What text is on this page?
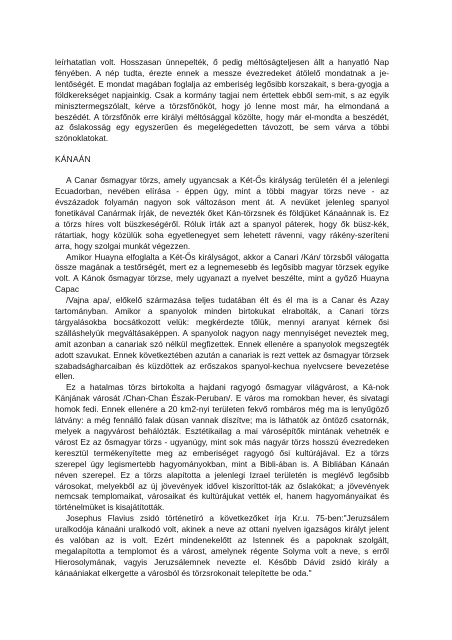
leírhatatlan volt. Hosszasan ünnepelték, ő pedig méltóságteljesen állt a hanyatló Nap fényében. A nép tudta, érezte ennek a messze évezredeket átölelő mondatnak a je-lentőségét. E mondat magában foglalja az emberiség legősibb korszakait, s bera-gyogja a földkerekséget napjainkig. Csak a kormány tagjai nem értettek ebből sem-mit, s az egyik minisztermegszólalt, kérve a törzsfőnököt, hogy jó lenne most már, ha elmondaná a beszédét. A törzsfőnök erre királyi méltósággal közölte, hogy már el-mondta a beszédét, az őslakosság egy egyszerűen és megelégedetten távozott, be sem várva a többi szónoklatokat.

KÁNAÁN

A Canar ősmagyar törzs, amely ugyancsak a Két-Ős királyság területén él a jelenlegi Ecuadorban, nevében elírása - éppen úgy, mint a többi magyar törzs neve - az évszázadok folyamán nagyon sok változáson ment át. A nevüket jelenleg spanyol fonetikával Canármak írják, de nevezték őket Kán-törzsnek és földjüket Kánaánnak is. Ez a törzs híres volt büszkeségéről. Róluk írták azt a spanyol páterek, hogy ők büsz-kék, rátartiak, hogy közülük soha egyetlenegyet sem lehetett rávenni, vagy rákény-szeríteni arra, hogy szolgai munkát végezzen.

Amikor Huayna elfoglalta a Két-Ős királyságot, akkor a Canari /Kán/ törzsből válogatta össze magának a testőrségét, mert ez a legnemesebb és legősibb magyar törzsek egyike volt. A Kánok ősmagyar törzse, mely ugyanazt a nyelvet beszélte, mint a győző Huayna Capac

/Vajna apa/, előkelő származása teljes tudatában élt és él ma is a Canar és Azay tartományban. Amikor a spanyolok minden birtokukat elrabolták, a Canari törzs tárgyalásokba bocsátkozott velük: megkérdezte tőlük, mennyi aranyat kérnek ősi szálláshelyük megváltásaképpen. A spanyolok nagyon nagy mennyiséget neveztek meg, amit azonban a canariak szó nélkül megfizettek. Ennek ellenére a spanyolok megszegték adott szavukat. Ennek következtében azután a canariak is rezt vettek az ősmagyar törzsek szabadságharcaiban és küzdöttek az erőszakos spanyol-kechua nyelvcsere bevezetése ellen.

Ez a hatalmas törzs birtokolta a hajdani ragyogó ősmagyar világvárost, a Ká-nok Kánjának városát /Chan-Chan Észak-Peruban/. E város ma romokban hever, és sivatagi homok fedi. Ennek ellenére a 20 km2-nyi területen fekvő rombáros még ma is lenyűgöző látvány: a még fennálló falak dúsan vannak díszítve; ma is láthatók az öntöző csatornák, melyek a nagyvárost behálózták. Esztétikailag a mai városépítők mintának vehetnék e várost Ez az ősmagyar törzs - ugyanúgy, mint sok más nagyár törzs hosszú évezredeken keresztül termékenyítette meg az emberiséget ragyogó ősi kultúrájával. Ez a törzs szerepel úgy legismertebb hagyományokban, mint a Bibli-ában is. A Bibliában Kánaán néven szerepel. Ez a törzs alapította a jelenlegi Izrael területén is meglévő legősibb városokat, melyekből az új jövevények idővel kiszoríttot-ták az őslakókat; a jövevények nemcsak templomaikat, városaikat és kultúrájukat vették el, hanem hagyományaikat és történelmüket is kisajátították.

Josephus Flavius zsidó történetíró a következőket írja Kr.u. 75-ben:"Jeruzsálem uralkodója kánaáni uralkodó volt, akinek a neve az ottani nyelven igazságos királyt jelent és valóban az is volt. Ezért mindenekelőtt az Istennek és a papoknak szolgált, megalapította a templomot és a várost, amelynek régente Solyma volt a neve, s erről Hierosolymának, vagyis Jeruzsálemnek nevezte el. Később Dávid zsidó király a kánaániakat elkergette a városból és törzsrokonait telepítette be oda."
